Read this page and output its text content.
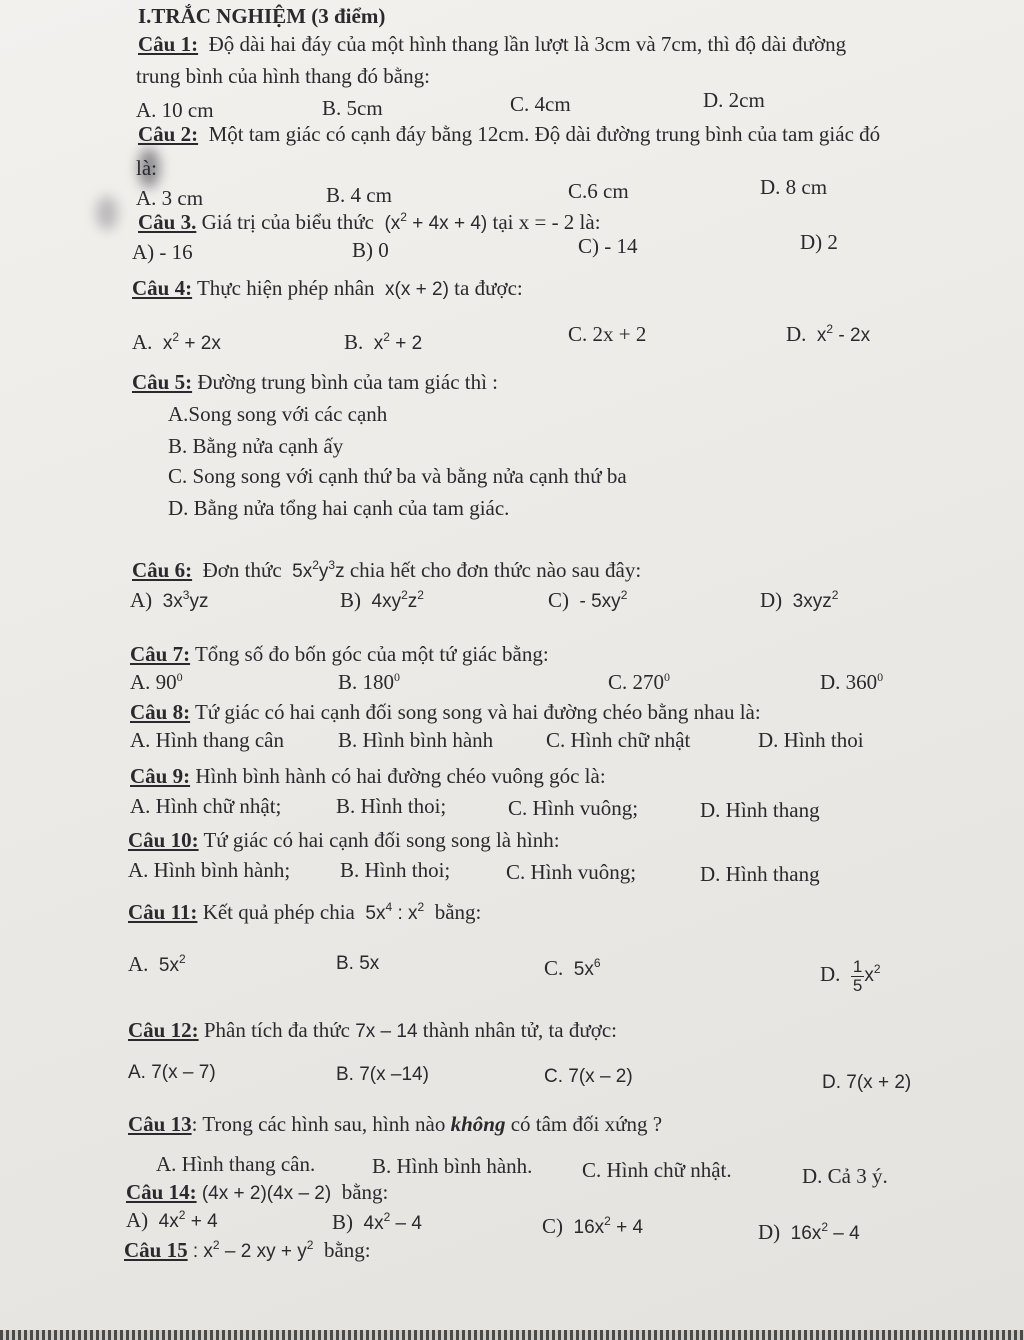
I.TRẮC NGHIỆM (3 điểm)
Câu 1: Độ dài hai đáy của một hình thang lần lượt là 3cm và 7cm, thì độ dài đường
trung bình của hình thang đó bằng:
A. 10 cm	B. 5cm	C. 4cm	D. 2cm
Câu 2: Một tam giác có cạnh đáy bằng 12cm. Độ dài đường trung bình của tam giác đó
là:
A. 3 cm	B. 4 cm	C.6 cm	D. 8 cm
Câu 3. Giá trị của biểu thức $(x^2 + 4x + 4)$ tại x = - 2 là:
A) - 16	B) 0	C) - 14	D) 2
Câu 4: Thực hiện phép nhân x(x + 2) ta được:
A. $x^2 + 2x$	B. $x^2 + 2$	C. 2x + 2	D. $x^2 - 2x$
Câu 5: Đường trung bình của tam giác thì :
A.Song song với các cạnh
B. Bằng nửa cạnh ấy
C. Song song với cạnh thứ ba và bằng nửa cạnh thứ ba
D. Bằng nửa tổng hai cạnh của tam giác.
Câu 6: Đơn thức $5x^2y^3z$ chia hết cho đơn thức nào sau đây:
A) $3x^3yz$	B) $4xy^2z^2$	$C) - 5xy^2$	D) 3xyz$^2$
Câu 7: Tổng số đo bốn góc của một tứ giác bằng:
A. $90^0$	B. $180^0$	C. $270^0$	D. $360^0$
Câu 8: Tứ giác có hai cạnh đối song song và hai đường chéo bằng nhau là:
A. Hình thang cân	B. Hình bình hành	C. Hình chữ nhật	D. Hình thoi
Câu 9: Hình bình hành có hai đường chéo vuông góc là:
A. Hình chữ nhật;	B. Hình thoi;	C. Hình vuông;	D. Hình thang
Câu 10: Tứ giác có hai cạnh đối song song là hình:
A. Hình bình hành; B. Hình thoi;	C. Hình vuông;	D. Hình thang
Câu 11: Kết quả phép chia $5x^4$ : $x^2$ bằng:
A. $5x^2$	B. 5x	C. $5x^6$	D. $\frac{1}{5} x^2$
Câu 12: Phân tích đa thức 7x – 14 thành nhân tử, ta được:
A. 7(x – 7)	B. 7(x –14)	C. 7(x – 2)	D. 7(x + 2)
Câu 13: Trong các hình sau, hình nào không có tâm đối xứng ?
A. Hình thang cân.	B. Hình bình hành. C. Hình chữ nhật.	D. Cả 3 ý.
Câu 14: (4x + 2)(4x – 2) bằng:
A) $4x^2 + 4$	B) $4x^2 - 4$	C) $16x^2 + 4$	D) $16x^2 - 4$
Câu 15 : $x^2 - 2$ xy + $y^2$ bằng:
